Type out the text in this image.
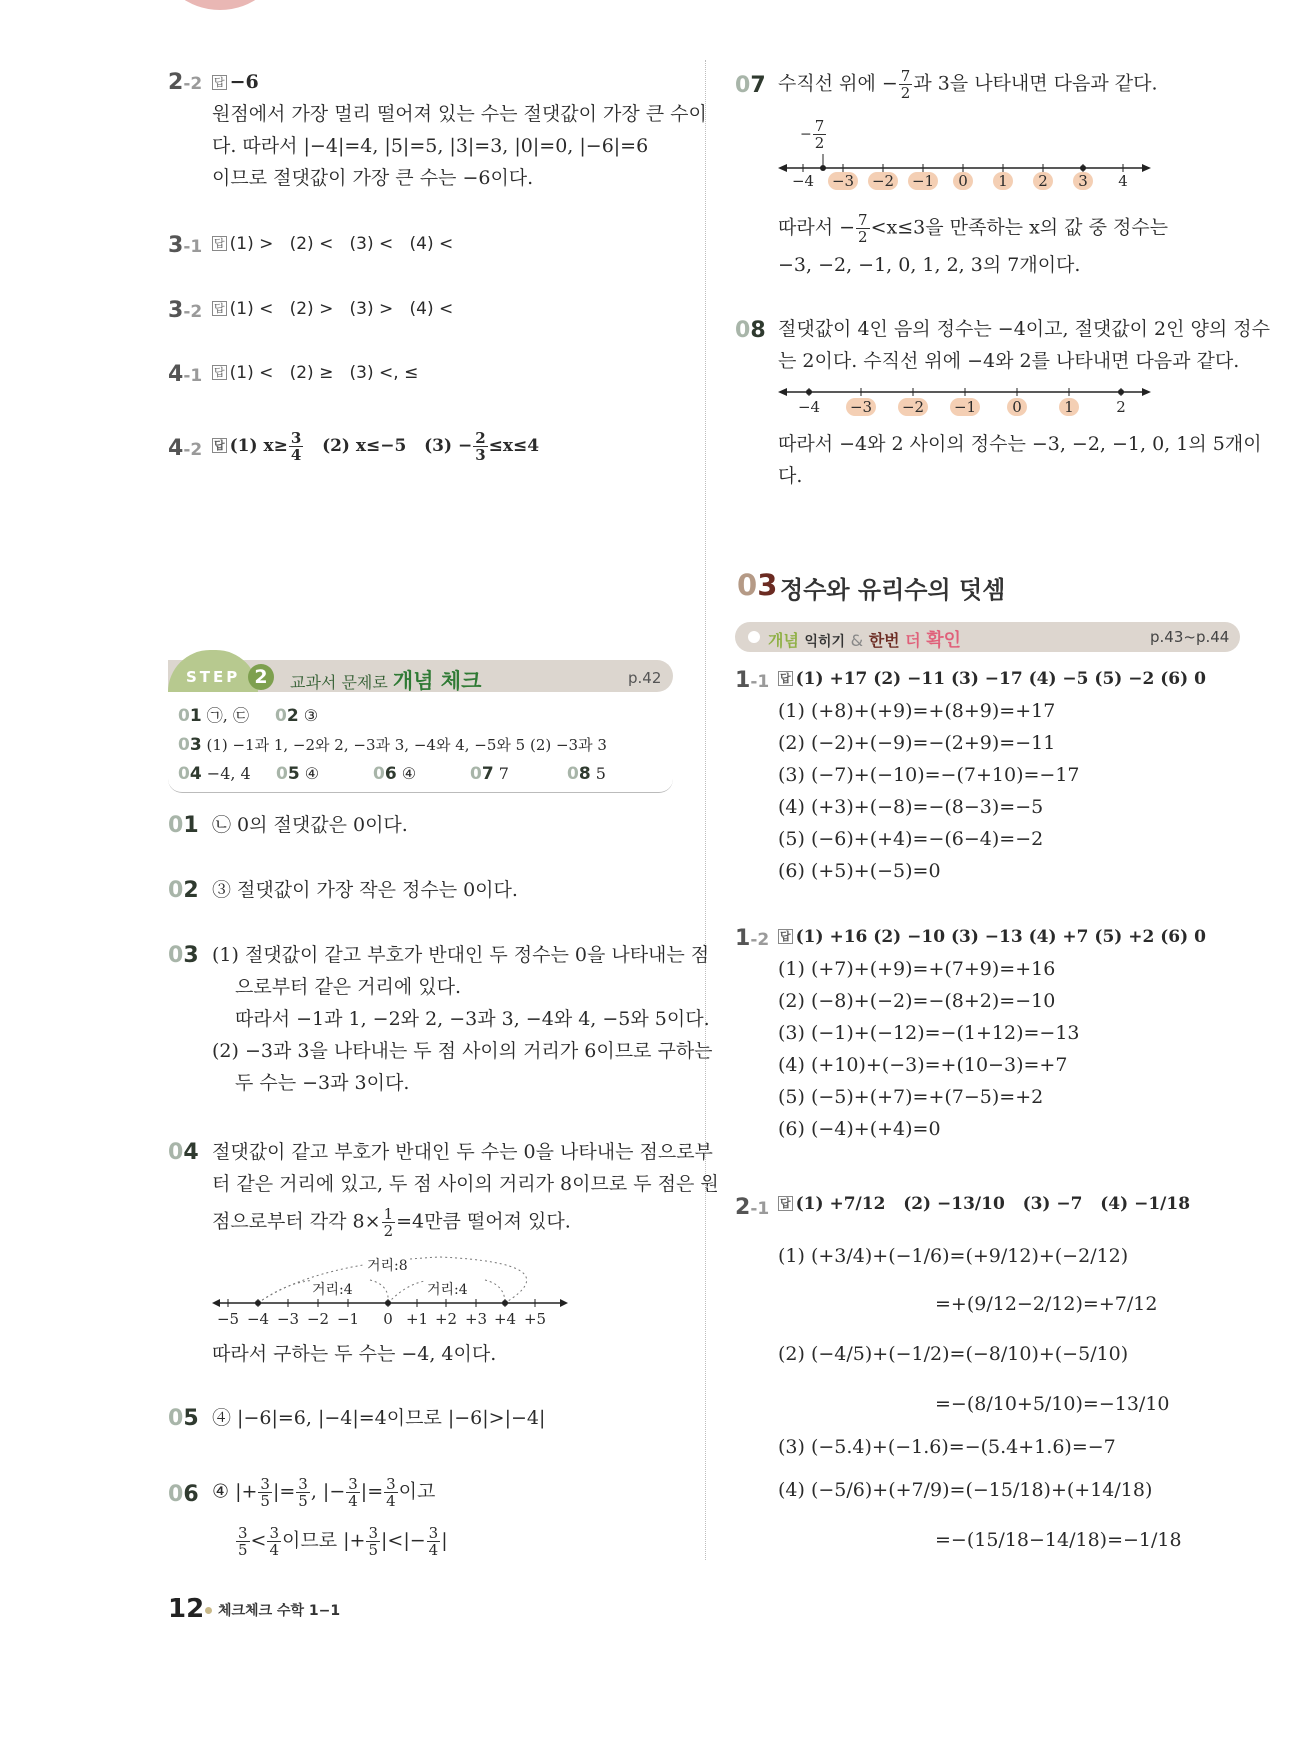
2-2 답 −6
원점에서 가장 멀리 떨어져 있는 수는 절댓값이 가장 큰 수이
다. 따라서 |−4|=4, |5|=5, |3|=3, |0|=0, |−6|=6
이므로 절댓값이 가장 큰 수는 −6이다.
3-1 답 (1) > (2) < (3) < (4) <
3-2 답 (1) < (2) > (3) > (4) <
4-1 답 (1) < (2) ≥ (3) <, ≤
4-2 답 (1) $x\ge \frac{3}{4} (2)$ x≤−5 $(3) - \frac{2}{3} \le x\le 4$
STEP 2	교과서 문제로 개념 체크	p.42
01 ㉠, ㉢ 02 ③
03 (1) −1과 1, −2와 2, −3과 3, −4와 4, −5와 5 (2) −3과 3
04 −4, 4 05 ④	06 ④	07 7	08 5
01 ㉡ 0의 절댓값은 0이다.
02 ③ 절댓값이 가장 작은 정수는 0이다.
03 (1) 절댓값이 같고 부호가 반대인 두 정수는 0을 나타내는 점
으로부터 같은 거리에 있다.
따라서 −1과 1, −2와 2, −3과 3, −4와 4, −5와 5이다.
(2) −3과 3을 나타내는 두 점 사이의 거리가 6이므로 구하는
두 수는 −3과 3이다.
04 절댓값이 같고 부호가 반대인 두 수는 0을 나타내는 점으로부
터 같은 거리에 있고, 두 점 사이의 거리가 8이므로 두 점은 원
점으로부터 각각 $8\times \frac{1}{2} =4$만큼 떨어져 있다.
거리:8
거리:4	거리:4
−5 −4 −3 −2 −1	0 +1 +2 +3 +4 +5
따라서 구하는 두 수는 −4, 4이다.
05 ④ |−6|=6, |−4|=4이므로 |−6|>|−4|
06 ④ |+ $\frac{3}{5}$ |= $\frac{3}{5}$ , |− $\frac{3}{4}$ |= $\frac{3}{4}$ 이고
$\frac{3}{5} < \frac{3}{4}$ 이므로 |+ $\frac{3}{5}$ |<|− $\frac{3}{4}$ |
12 체크체크 수학 1−1
07 수직선 위에 − $\frac{7}{2}$ 과 3을 나타내면 다음과 같다.
− $\frac{7}{2}$
−4 −3 −2 −1	0	1	2	3	4
따라서 − $\frac{7}{2} <x\le 3$을 만족하는 x의 값 중 정수는
−3, −2, −1, 0, 1, 2, 3의 7개이다.
08 절댓값이 4인 음의 정수는 −4이고, 절댓값이 2인 양의 정수
는 2이다. 수직선 위에 −4와 2를 나타내면 다음과 같다.
−4 −3 −2 −1	0	1	2
따라서 −4와 2 사이의 정수는 −3, −2, −1, 0, 1의 5개이
다.
03 정수와 유리수의 덧셈
개념 익히기 & 한번 더 확인	p.43~p.44
1-1 답 (1) +17 (2) −11 (3) −17 (4) −5 (5) −2 (6) 0
(1) (+8)+(+9)=+(8+9)=+17
(2) (−2)+(−9)=−(2+9)=−11
(3) (−7)+(−10)=−(7+10)=−17
(4) (+3)+(−8)=−(8−3)=−5
(5) (−6)+(+4)=−(6−4)=−2
(6) (+5)+(−5)=0
1-2 답 (1) +16 (2) −10 (3) −13 (4) +7 (5) +2 (6) 0
(1) (+7)+(+9)=+(7+9)=+16
(2) (−8)+(−2)=−(8+2)=−10
(3) (−1)+(−12)=−(1+12)=−13
(4) (+10)+(−3)=+(10−3)=+7
(5) (−5)+(+7)=+(7−5)=+2
(6) (−4)+(+4)=0
2-1 답 (1) +7/12 (2) −13/10 (3) −7 (4) −1/18
(1) (+3/4)+(−1/6)=(+9/12)+(−2/12)
=+(9/12−2/12)=+7/12
(2) (−4/5)+(−1/2)=(−8/10)+(−5/10)
=−(8/10+5/10)=−13/10
(3) (−5.4)+(−1.6)=−(5.4+1.6)=−7
(4) (−5/6)+(+7/9)=(−15/18)+(+14/18)
=−(15/18−14/18)=−1/18
